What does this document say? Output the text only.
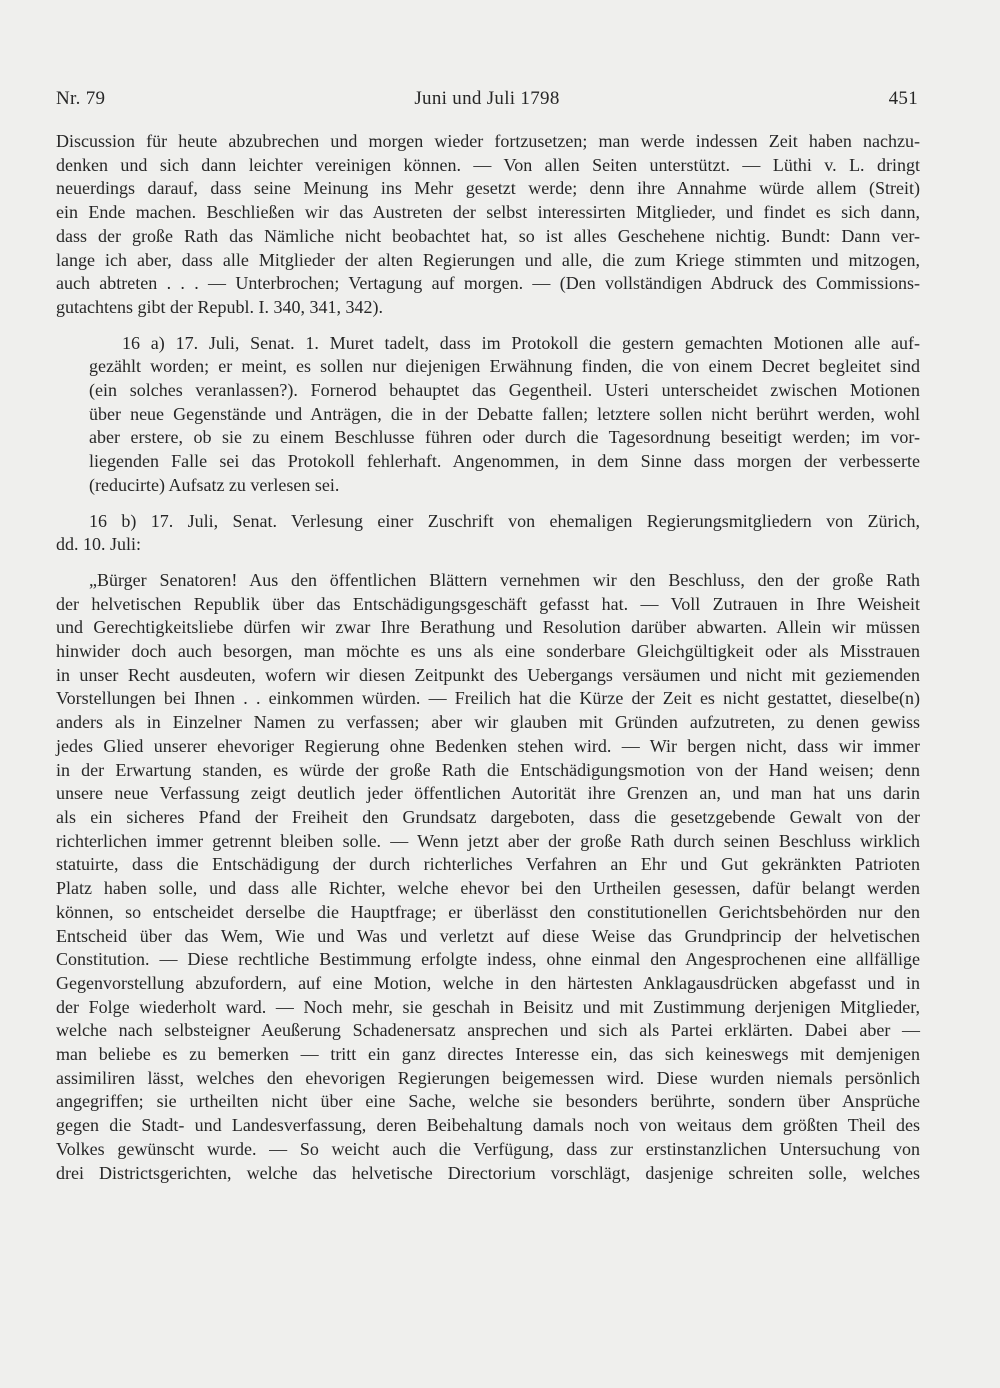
Nr. 79	Juni und Juli 1798	451

Discussion für heute abzubrechen und morgen wieder fortzusetzen; man werde indessen Zeit haben nachzu-
denken und sich dann leichter vereinigen können. — Von allen Seiten unterstützt. — Lüthi v. L. dringt
neuerdings darauf, dass seine Meinung ins Mehr gesetzt werde; denn ihre Annahme würde allem (Streit)
ein Ende machen. Beschließen wir das Austreten der selbst interessirten Mitglieder, und findet es sich dann,
dass der große Rath das Nämliche nicht beobachtet hat, so ist alles Geschehene nichtig. Bundt: Dann ver-
lange ich aber, dass alle Mitglieder der alten Regierungen und alle, die zum Kriege stimmten und mitzogen,
auch abtreten . . . — Unterbrochen; Vertagung auf morgen. — (Den vollständigen Abdruck des Commissions-
gutachtens gibt der Republ. I. 340, 341, 342).

16 a) 17. Juli, Senat. 1. Muret tadelt, dass im Protokoll die gestern gemachten Motionen alle auf-
gezählt worden; er meint, es sollen nur diejenigen Erwähnung finden, die von einem Decret begleitet sind
(ein solches veranlassen?). Fornerod behauptet das Gegentheil. Usteri unterscheidet zwischen Motionen
über neue Gegenstände und Anträgen, die in der Debatte fallen; letztere sollen nicht berührt werden, wohl
aber erstere, ob sie zu einem Beschlusse führen oder durch die Tagesordnung beseitigt werden; im vor-
liegenden Falle sei das Protokoll fehlerhaft. Angenommen, in dem Sinne dass morgen der verbesserte
(reducirte) Aufsatz zu verlesen sei.

16 b) 17. Juli, Senat. Verlesung einer Zuschrift von ehemaligen Regierungsmitgliedern von Zürich,
dd. 10. Juli:

„Bürger Senatoren! Aus den öffentlichen Blättern vernehmen wir den Beschluss, den der große Rath
der helvetischen Republik über das Entschädigungsgeschäft gefasst hat. — Voll Zutrauen in Ihre Weisheit
und Gerechtigkeitsliebe dürfen wir zwar Ihre Berathung und Resolution darüber abwarten. Allein wir müssen
hinwider doch auch besorgen, man möchte es uns als eine sonderbare Gleichgültigkeit oder als Misstrauen
in unser Recht ausdeuten, wofern wir diesen Zeitpunkt des Uebergangs versäumen und nicht mit geziemenden
Vorstellungen bei Ihnen . . einkommen würden. — Freilich hat die Kürze der Zeit es nicht gestattet, dieselbe(n)
anders als in Einzelner Namen zu verfassen; aber wir glauben mit Gründen aufzutreten, zu denen gewiss
jedes Glied unserer ehevoriger Regierung ohne Bedenken stehen wird. — Wir bergen nicht, dass wir immer
in der Erwartung standen, es würde der große Rath die Entschädigungsmotion von der Hand weisen; denn
unsere neue Verfassung zeigt deutlich jeder öffentlichen Autorität ihre Grenzen an, und man hat uns darin
als ein sicheres Pfand der Freiheit den Grundsatz dargeboten, dass die gesetzgebende Gewalt von der
richterlichen immer getrennt bleiben solle. — Wenn jetzt aber der große Rath durch seinen Beschluss wirklich
statuirte, dass die Entschädigung der durch richterliches Verfahren an Ehr und Gut gekränkten Patrioten
Platz haben solle, und dass alle Richter, welche ehevor bei den Urtheilen gesessen, dafür belangt werden
können, so entscheidet derselbe die Hauptfrage; er überlässt den constitutionellen Gerichtsbehörden nur den
Entscheid über das Wem, Wie und Was und verletzt auf diese Weise das Grundprincip der helvetischen
Constitution. — Diese rechtliche Bestimmung erfolgte indess, ohne einmal den Angesprochenen eine allfällige
Gegenvorstellung abzufordern, auf eine Motion, welche in den härtesten Anklagausdrücken abgefasst und in
der Folge wiederholt ward. — Noch mehr, sie geschah in Beisitz und mit Zustimmung derjenigen Mitglieder,
welche nach selbsteigner Aeußerung Schadenersatz ansprechen und sich als Partei erklärten. Dabei aber —
man beliebe es zu bemerken — tritt ein ganz directes Interesse ein, das sich keineswegs mit demjenigen
assimiliren lässt, welches den ehevorigen Regierungen beigemessen wird. Diese wurden niemals persönlich
angegriffen; sie urtheilten nicht über eine Sache, welche sie besonders berührte, sondern über Ansprüche
gegen die Stadt- und Landesverfassung, deren Beibehaltung damals noch von weitaus dem größten Theil des
Volkes gewünscht wurde. — So weicht auch die Verfügung, dass zur erstinstanzlichen Untersuchung von
drei Districtsgerichten, welche das helvetische Directorium vorschlägt, dasjenige schreiten solle, welches
